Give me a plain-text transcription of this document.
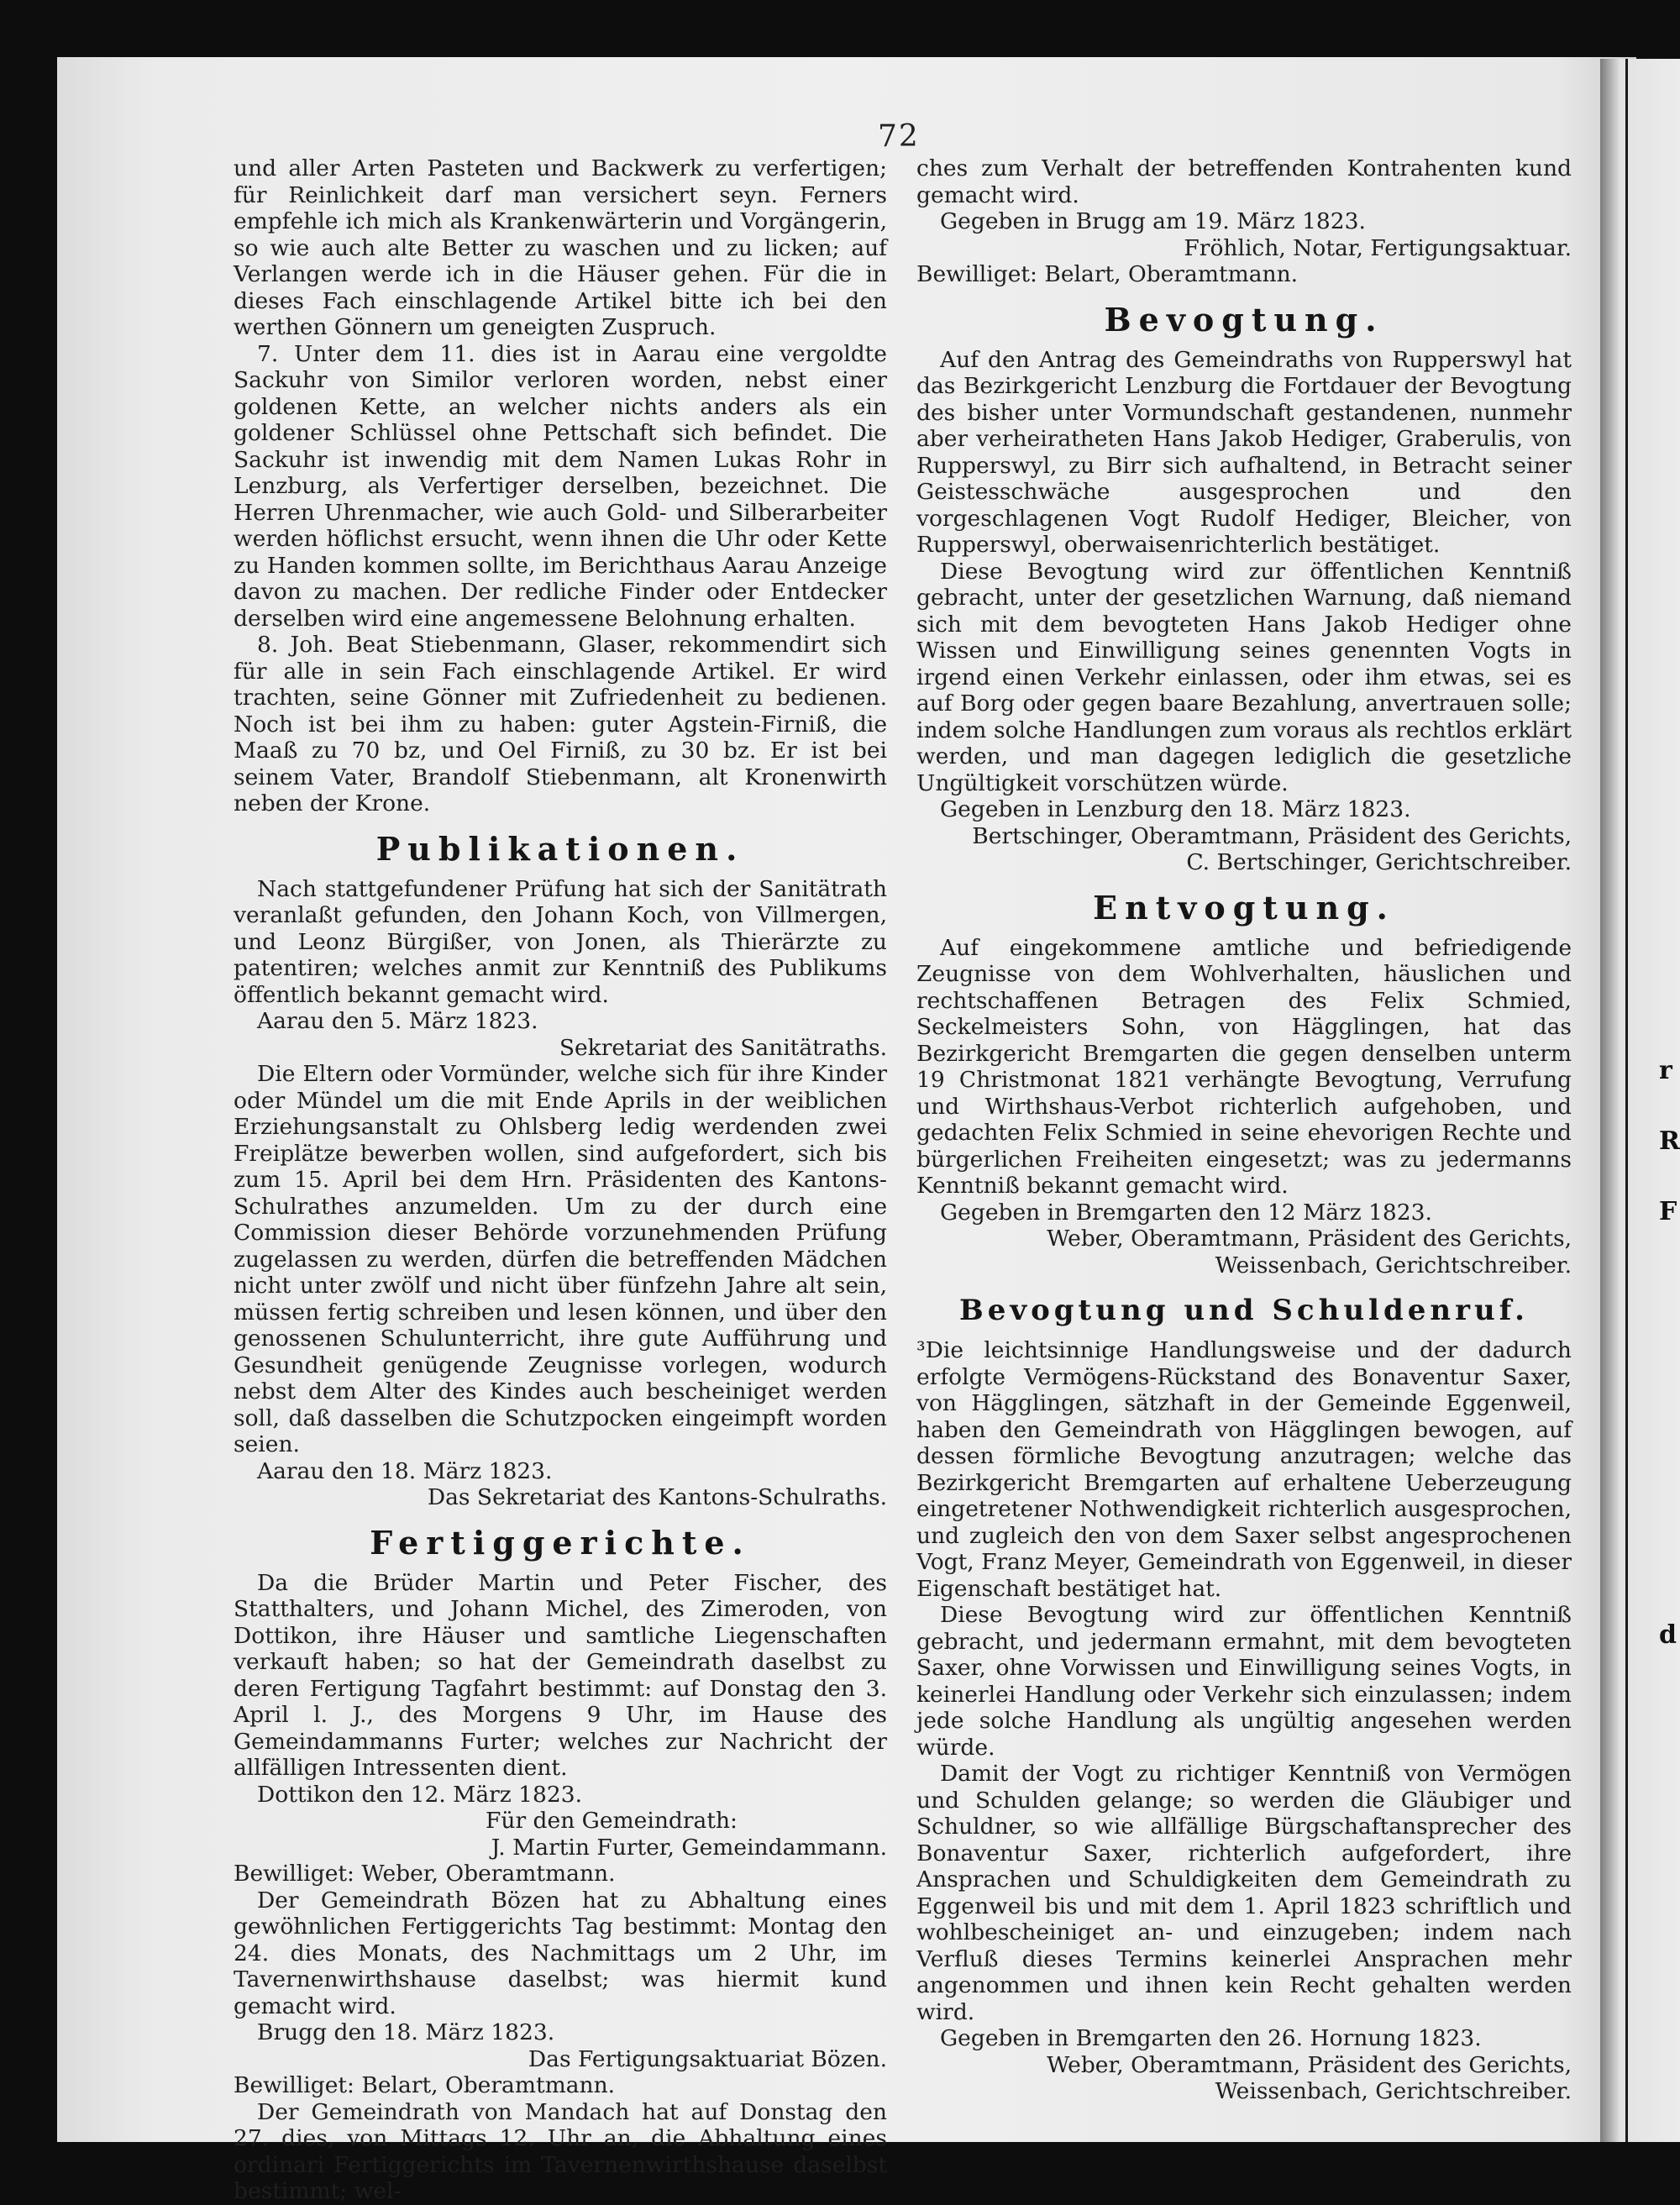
72

und aller Arten Pasteten und Backwerk zu verfertigen; für Reinlichkeit darf man versichert seyn. Ferners empfehle ich mich als Krankenwärterin und Vorgängerin, so wie auch alte Better zu waschen und zu licken; auf Verlangen werde ich in die Häuser gehen. Für die in dieses Fach einschlagende Artikel bitte ich bei den werthen Gönnern um geneigten Zuspruch.

7. Unter dem 11. dies ist in Aarau eine vergoldte Sackuhr von Similor verloren worden, nebst einer goldenen Kette, an welcher nichts anders als ein goldener Schlüssel ohne Pettschaft sich befindet. Die Sackuhr ist inwendig mit dem Namen Lukas Rohr in Lenzburg, als Verfertiger derselben, bezeichnet. Die Herren Uhrenmacher, wie auch Gold- und Silberarbeiter werden höflichst ersucht, wenn ihnen die Uhr oder Kette zu Handen kommen sollte, im Berichthaus Aarau Anzeige davon zu machen. Der redliche Finder oder Entdecker derselben wird eine angemessene Belohnung erhalten.

8. Joh. Beat Stiebenmann, Glaser, rekommendirt sich für alle in sein Fach einschlagende Artikel. Er wird trachten, seine Gönner mit Zufriedenheit zu bedienen. Noch ist bei ihm zu haben: guter Agstein-Firniß, die Maaß zu 70 bz, und Oel Firniß, zu 30 bz. Er ist bei seinem Vater, Brandolf Stiebenmann, alt Kronenwirth neben der Krone.

Publikationen.

Nach stattgefundener Prüfung hat sich der Sanitätrath veranlaßt gefunden, den Johann Koch, von Villmergen, und Leonz Bürgißer, von Jonen, als Thierärzte zu patentiren; welches anmit zur Kenntniß des Publikums öffentlich bekannt gemacht wird.

Aarau den 5. März 1823.

Sekretariat des Sanitätraths.

Die Eltern oder Vormünder, welche sich für ihre Kinder oder Mündel um die mit Ende Aprils in der weiblichen Erziehungsanstalt zu Ohlsberg ledig werdenden zwei Freiplätze bewerben wollen, sind aufgefordert, sich bis zum 15. April bei dem Hrn. Präsidenten des Kantons-Schulrathes anzumelden. Um zu der durch eine Commission dieser Behörde vorzunehmenden Prüfung zugelassen zu werden, dürfen die betreffenden Mädchen nicht unter zwölf und nicht über fünfzehn Jahre alt sein, müssen fertig schreiben und lesen können, und über den genossenen Schulunterricht, ihre gute Aufführung und Gesundheit genügende Zeugnisse vorlegen, wodurch nebst dem Alter des Kindes auch bescheiniget werden soll, daß dasselben die Schutzpocken eingeimpft worden seien.

Aarau den 18. März 1823.

Das Sekretariat des Kantons-Schulraths.

Fertiggerichte.

Da die Brüder Martin und Peter Fischer, des Statthalters, und Johann Michel, des Zimeroden, von Dottikon, ihre Häuser und samtliche Liegenschaften verkauft haben; so hat der Gemeindrath daselbst zu deren Fertigung Tagfahrt bestimmt: auf Donstag den 3. April l. J., des Morgens 9 Uhr, im Hause des Gemeindammanns Furter; welches zur Nachricht der allfälligen Intressenten dient.

Dottikon den 12. März 1823.

Für den Gemeindrath:

J. Martin Furter, Gemeindammann.

Bewilliget: Weber, Oberamtmann.

Der Gemeindrath Bözen hat zu Abhaltung eines gewöhnlichen Fertiggerichts Tag bestimmt: Montag den 24. dies Monats, des Nachmittags um 2 Uhr, im Tavernenwirthshause daselbst; was hiermit kund gemacht wird.

Brugg den 18. März 1823.

Das Fertigungsaktuariat Bözen.

Bewilliget: Belart, Oberamtmann.

Der Gemeindrath von Mandach hat auf Donstag den 27. dies, von Mittags 12. Uhr an, die Abhaltung eines ordinari Fertiggerichts im Tavernenwirthshause daselbst bestimmt; wel-

ches zum Verhalt der betreffenden Kontrahenten kund gemacht wird.

Gegeben in Brugg am 19. März 1823.

Fröhlich, Notar, Fertigungsaktuar.

Bewilliget: Belart, Oberamtmann.

Bevogtung.

Auf den Antrag des Gemeindraths von Rupperswyl hat das Bezirkgericht Lenzburg die Fortdauer der Bevogtung des bisher unter Vormundschaft gestandenen, nunmehr aber verheiratheten Hans Jakob Hediger, Graberulis, von Rupperswyl, zu Birr sich aufhaltend, in Betracht seiner Geistesschwäche ausgesprochen und den vorgeschlagenen Vogt Rudolf Hediger, Bleicher, von Rupperswyl, oberwaisenrichterlich bestätiget.

Diese Bevogtung wird zur öffentlichen Kenntniß gebracht, unter der gesetzlichen Warnung, daß niemand sich mit dem bevogteten Hans Jakob Hediger ohne Wissen und Einwilligung seines genennten Vogts in irgend einen Verkehr einlassen, oder ihm etwas, sei es auf Borg oder gegen baare Bezahlung, anvertrauen solle; indem solche Handlungen zum voraus als rechtlos erklärt werden, und man dagegen lediglich die gesetzliche Ungültigkeit vorschützen würde.

Gegeben in Lenzburg den 18. März 1823.

Bertschinger, Oberamtmann, Präsident des Gerichts,

C. Bertschinger, Gerichtschreiber.

Entvogtung.

Auf eingekommene amtliche und befriedigende Zeugnisse von dem Wohlverhalten, häuslichen und rechtschaffenen Betragen des Felix Schmied, Seckelmeisters Sohn, von Hägglingen, hat das Bezirkgericht Bremgarten die gegen denselben unterm 19 Christmonat 1821 verhängte Bevogtung, Verrufung und Wirthshaus-Verbot richterlich aufgehoben, und gedachten Felix Schmied in seine ehevorigen Rechte und bürgerlichen Freiheiten eingesetzt; was zu jedermanns Kenntniß bekannt gemacht wird.

Gegeben in Bremgarten den 12 März 1823.

Weber, Oberamtmann, Präsident des Gerichts,

Weissenbach, Gerichtschreiber.

Bevogtung und Schuldenruf.

³Die leichtsinnige Handlungsweise und der dadurch erfolgte Vermögens-Rückstand des Bonaventur Saxer, von Hägglingen, sätzhaft in der Gemeinde Eggenweil, haben den Gemeindrath von Hägglingen bewogen, auf dessen förmliche Bevogtung anzutragen; welche das Bezirkgericht Bremgarten auf erhaltene Ueberzeugung eingetretener Nothwendigkeit richterlich ausgesprochen, und zugleich den von dem Saxer selbst angesprochenen Vogt, Franz Meyer, Gemeindrath von Eggenweil, in dieser Eigenschaft bestätiget hat.

Diese Bevogtung wird zur öffentlichen Kenntniß gebracht, und jedermann ermahnt, mit dem bevogteten Saxer, ohne Vorwissen und Einwilligung seines Vogts, in keinerlei Handlung oder Verkehr sich einzulassen; indem jede solche Handlung als ungültig angesehen werden würde.

Damit der Vogt zu richtiger Kenntniß von Vermögen und Schulden gelange; so werden die Gläubiger und Schuldner, so wie allfällige Bürgschaftansprecher des Bonaventur Saxer, richterlich aufgefordert, ihre Ansprachen und Schuldigkeiten dem Gemeindrath zu Eggenweil bis und mit dem 1. April 1823 schriftlich und wohlbescheiniget an- und einzugeben; indem nach Verfluß dieses Termins keinerlei Ansprachen mehr angenommen und ihnen kein Recht gehalten werden wird.

Gegeben in Bremgarten den 26. Hornung 1823.

Weber, Oberamtmann, Präsident des Gerichts,

Weissenbach, Gerichtschreiber.

r
R
F
d
